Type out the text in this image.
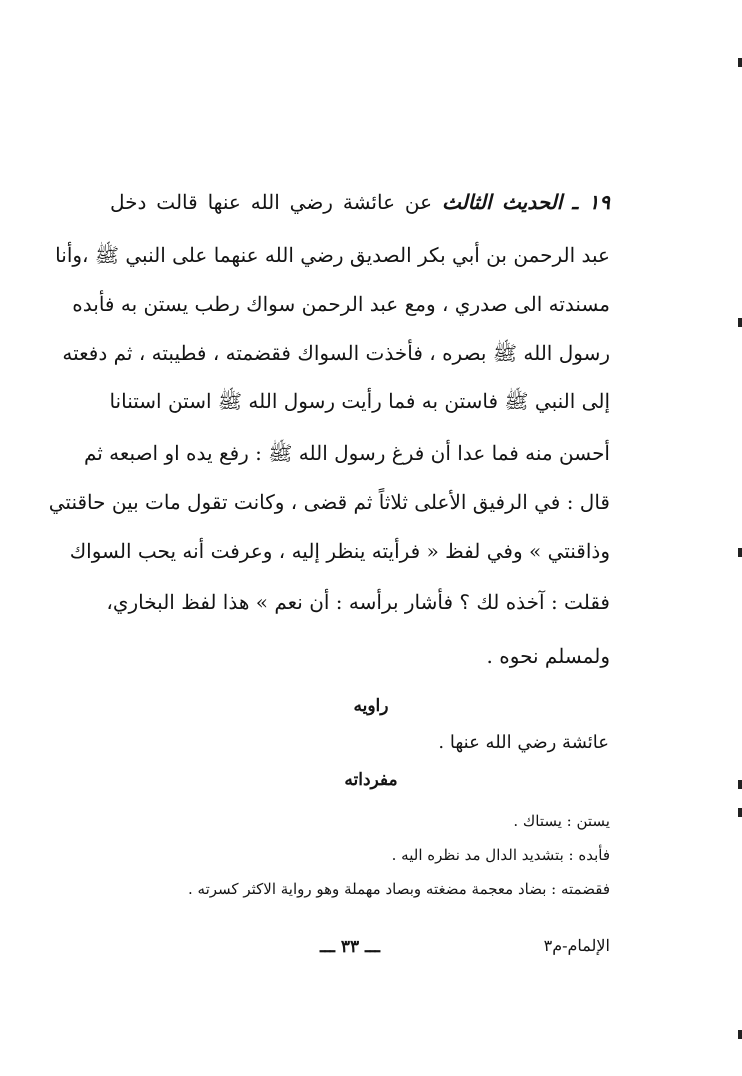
١٩ ـ الحديث الثالث عن عائشة رضي الله عنها قالت دخل
عبد الرحمن بن أبي بكر الصديق رضي الله عنهما على النبي ﷺ ،وأنا
مسندته الى صدري ، ومع عبد الرحمن سواك رطب يستن به فأبده
رسول الله ﷺ بصره ، فأخذت السواك فقضمته ، فطيبته ، ثم دفعته
إلى النبي ﷺ فاستن به فما رأيت رسول الله ﷺ استن استنانا
أحسن منه فما عدا أن فرغ رسول الله ﷺ : رفع يده او اصبعه ثم
قال : في الرفيق الأعلى ثلاثاً ثم قضى ، وكانت تقول مات بين حاقنتي
وذاقنتي » وفي لفظ « فرأيته ينظر إليه ، وعرفت أنه يحب السواك
فقلت : آخذه لك ؟ فأشار برأسه : أن نعم » هذا لفظ البخاري،
ولمسلم نحوه .
راويه
عائشة رضي الله عنها .
مفرداته
يستن : يستاك .
فأبده : بتشديد الدال مد نظره اليه .
فقضمته : بضاد معجمة مضغته وبصاد مهملة وهو رواية الاكثر كسرته .
الإلمام-م٣
ـــ ٣٣ ـــ
